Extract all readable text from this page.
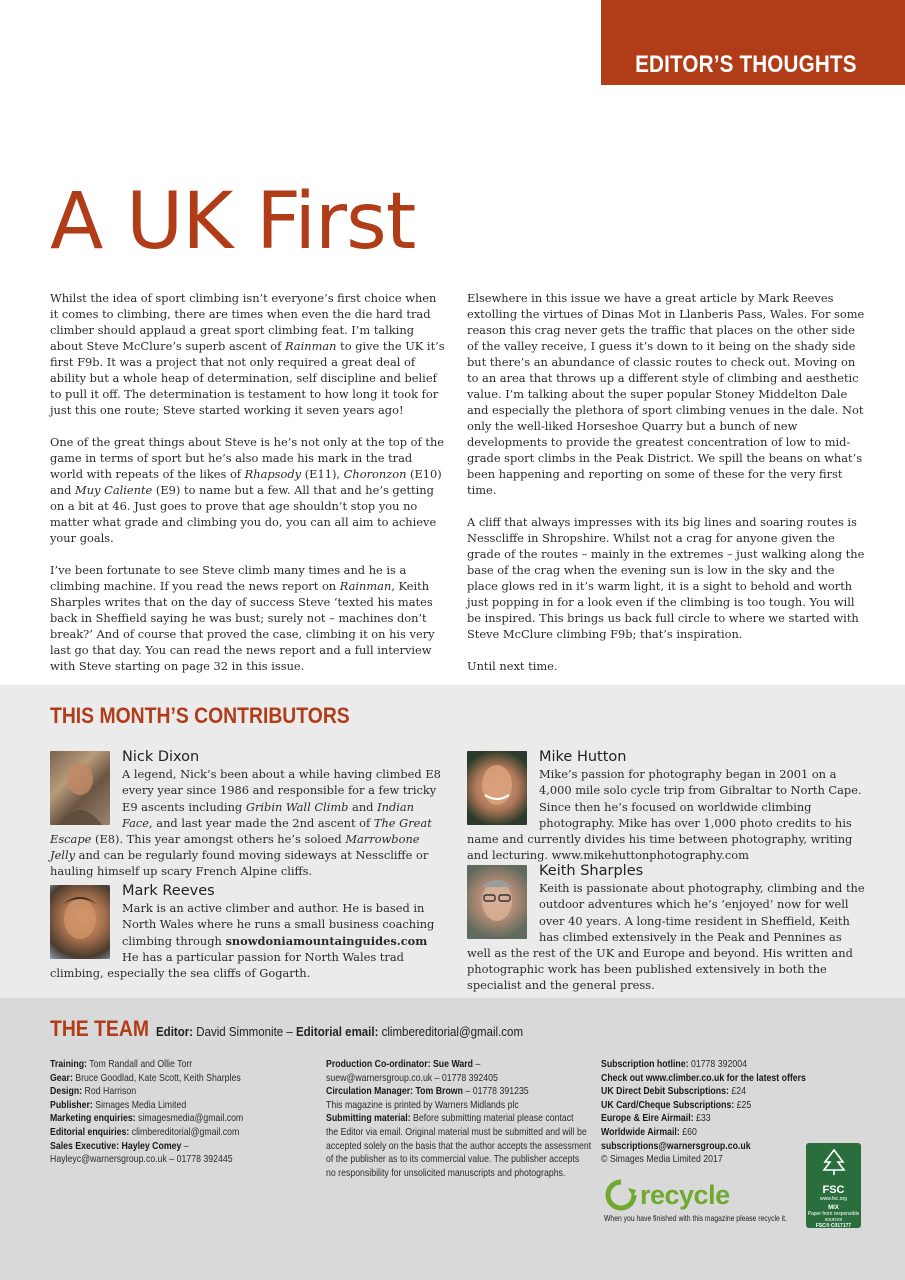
EDITOR’S THOUGHTS
A UK First

Whilst the idea of sport climbing isn’t everyone’s first choice when it comes to climbing, there are times when even the die hard trad climber should applaud a great sport climbing feat. I’m talking about Steve McClure’s superb ascent of Rainman to give the UK it’s first F9b. It was a project that not only required a great deal of ability but a whole heap of determination, self discipline and belief to pull it off. The determination is testament to how long it took for just this one route; Steve started working it seven years ago!

One of the great things about Steve is he’s not only at the top of the game in terms of sport but he’s also made his mark in the trad world with repeats of the likes of Rhapsody (E11), Choronzon (E10) and Muy Caliente (E9) to name but a few. All that and he’s getting on a bit at 46. Just goes to prove that age shouldn’t stop you no matter what grade and climbing you do, you can all aim to achieve your goals.

I’ve been fortunate to see Steve climb many times and he is a climbing machine. If you read the news report on Rainman, Keith Sharples writes that on the day of success Steve ‘texted his mates back in Sheffield saying he was bust; surely not – machines don’t break?’ And of course that proved the case, climbing it on his very last go that day. You can read the news report and a full interview with Steve starting on page 32 in this issue.

Elsewhere in this issue we have a great article by Mark Reeves extolling the virtues of Dinas Mot in Llanberis Pass, Wales. For some reason this crag never gets the traffic that places on the other side of the valley receive, I guess it’s down to it being on the shady side but there’s an abundance of classic routes to check out. Moving on to an area that throws up a different style of climbing and aesthetic value. I’m talking about the super popular Stoney Middelton Dale and especially the plethora of sport climbing venues in the dale. Not only the well-liked Horseshoe Quarry but a bunch of new developments to provide the greatest concentration of low to mid-grade sport climbs in the Peak District. We spill the beans on what’s been happening and reporting on some of these for the very first time.

A cliff that always impresses with its big lines and soaring routes is Nesscliffe in Shropshire. Whilst not a crag for anyone given the grade of the routes – mainly in the extremes – just walking along the base of the crag when the evening sun is low in the sky and the place glows red in it’s warm light, it is a sight to behold and worth just popping in for a look even if the climbing is too tough. You will be inspired. This brings us back full circle to where we started with Steve McClure climbing F9b; that’s inspiration.

Until next time.

THIS MONTH’S CONTRIBUTORS
Nick Dixon
A legend, Nick’s been about a while having climbed E8 every year since 1986 and responsible for a few tricky E9 ascents including Gribin Wall Climb and Indian Face, and last year made the 2nd ascent of The Great Escape (E8). This year amongst others he’s soloed Marrowbone Jelly and can be regularly found moving sideways at Nesscliffe or hauling himself up scary French Alpine cliffs.
Mark Reeves
Mark is an active climber and author. He is based in North Wales where he runs a small business coaching climbing through snowdoniamountainguides.com He has a particular passion for North Wales trad climbing, especially the sea cliffs of Gogarth.
Mike Hutton
Mike’s passion for photography began in 2001 on a 4,000 mile solo cycle trip from Gibraltar to North Cape. Since then he’s focused on worldwide climbing photography. Mike has over 1,000 photo credits to his name and currently divides his time between photography, writing and lecturing. www.mikehuttonphotography.com
Keith Sharples
Keith is passionate about photography, climbing and the outdoor adventures which he’s ‘enjoyed’ now for well over 40 years. A long-time resident in Sheffield, Keith has climbed extensively in the Peak and Pennines as well as the rest of the UK and Europe and beyond. His written and photographic work has been published extensively in both the specialist and the general press.
THE TEAM Editor: David Simmonite – Editorial email: climbereditorial@gmail.com
Training: Tom Randall and Ollie Torr
Gear: Bruce Goodlad, Kate Scott, Keith Sharples
Design: Rod Harrison
Publisher: Simages Media Limited
Marketing enquiries: simagesmedia@gmail.com
Editorial enquiries: climbereditorial@gmail.com
Sales Executive: Hayley Comey –
Hayleyc@warnersgroup.co.uk – 01778 392445
Production Co-ordinator: Sue Ward –
suew@warnersgroup.co.uk – 01778 392405
Circulation Manager: Tom Brown – 01778 391235
This magazine is printed by Warners Midlands plc
Submitting material: Before submitting material please contact
the Editor via email. Original material must be submitted and will be
accepted solely on the basis that the author accepts the assessment
of the publisher as to its commercial value. The publisher accepts
no responsibility for unsolicited manuscripts and photographs.
Subscription hotline: 01778 392004
Check out www.climber.co.uk for the latest offers
UK Direct Debit Subscriptions: £24
UK Card/Cheque Subscriptions: £25
Europe & Eire Airmail: £33
Worldwide Airmail: £60
subscriptions@warnersgroup.co.uk
© Simages Media Limited 2017
recycle
When you have finished with this magazine please recycle it.
FSC
www.fsc.org
MIX
Paper from responsible sources
FSC® C017177
